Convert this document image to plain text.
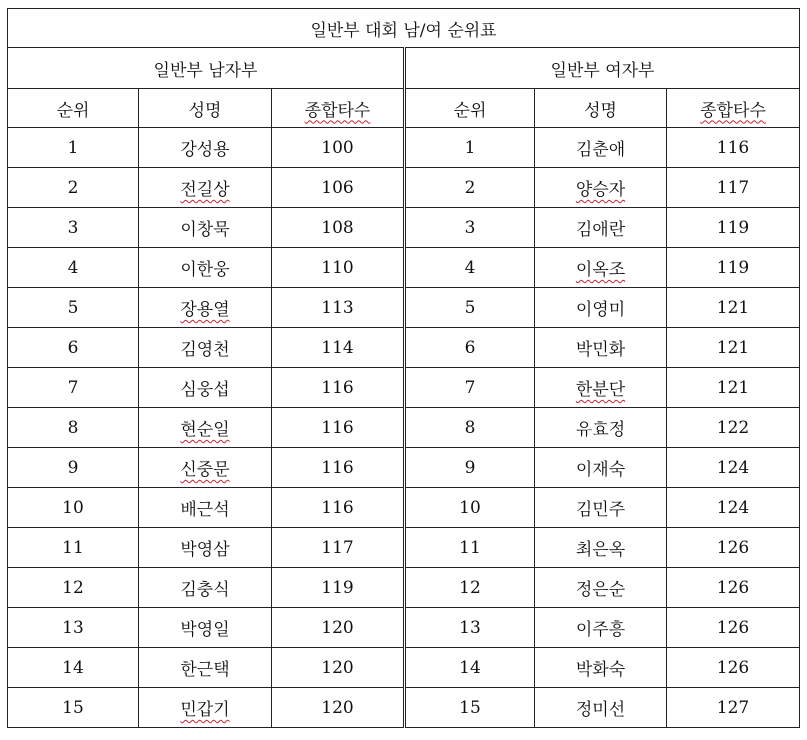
일반부 대회 남/여 순위표					
일반부 남자부			일반부 여자부		
순위	성명	종합타수	순위	성명	종합타수
1	강성용	100	1	김춘애	116
2	전길상	106	2	양승자	117
3	이창묵	108	3	김애란	119
4	이한웅	110	4	이옥조	119
5	장용열	113	5	이영미	121
6	김영천	114	6	박민화	121
7	심웅섭	116	7	한분단	121
8	현순일	116	8	유효정	122
9	신중문	116	9	이재숙	124
10	배근석	116	10	김민주	124
11	박영삼	117	11	최은옥	126
12	김충식	119	12	정은순	126
13	박영일	120	13	이주흥	126
14	한근택	120	14	박화숙	126
15	민갑기	120	15	정미선	127
